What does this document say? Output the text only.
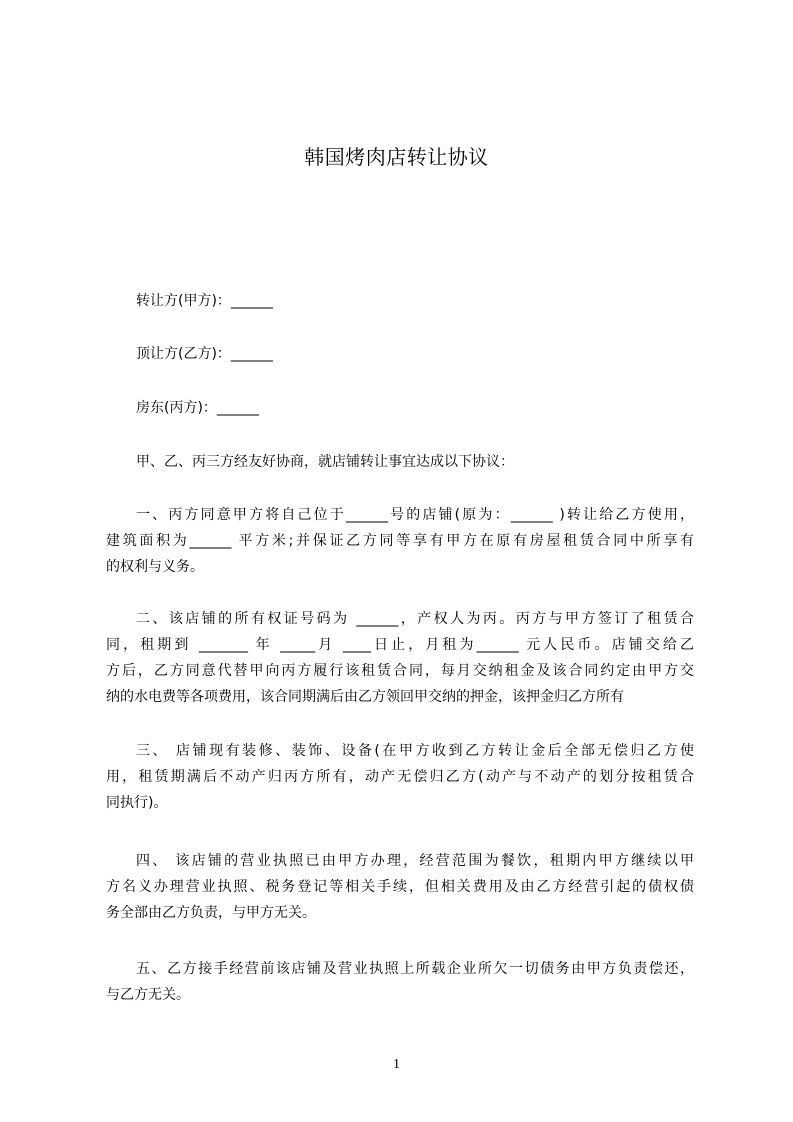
韩国烤肉店转让协议
转让方(甲方)：______
顶让方(乙方)：______
房东(丙方)：______
甲、乙、丙三方经友好协商，就店铺转让事宜达成以下协议：
一、丙方同意甲方将自己位于______号的店铺(原为：______ )转让给乙方使用，
建筑面积为______ 平方米;并保证乙方同等享有甲方在原有房屋租赁合同中所享有
的权利与义务。
二、该店铺的所有权证号码为 ______，产权人为丙。丙方与甲方签订了租赁合
同，租期到 _______ 年 _____月 ____日止，月租为______ 元人民币。店铺交给乙
方后，乙方同意代替甲向丙方履行该租赁合同，每月交纳租金及该合同约定由甲方交
纳的水电费等各项费用，该合同期满后由乙方领回甲交纳的押金，该押金归乙方所有
三、 店铺现有装修、装饰、设备(在甲方收到乙方转让金后全部无偿归乙方使
用，租赁期满后不动产归丙方所有，动产无偿归乙方(动产与不动产的划分按租赁合
同执行)。
四、 该店铺的营业执照已由甲方办理，经营范围为餐饮，租期内甲方继续以甲
方名义办理营业执照、税务登记等相关手续，但相关费用及由乙方经营引起的债权债
务全部由乙方负责，与甲方无关。
五、乙方接手经营前该店铺及营业执照上所载企业所欠一切债务由甲方负责偿还，
与乙方无关。
1
